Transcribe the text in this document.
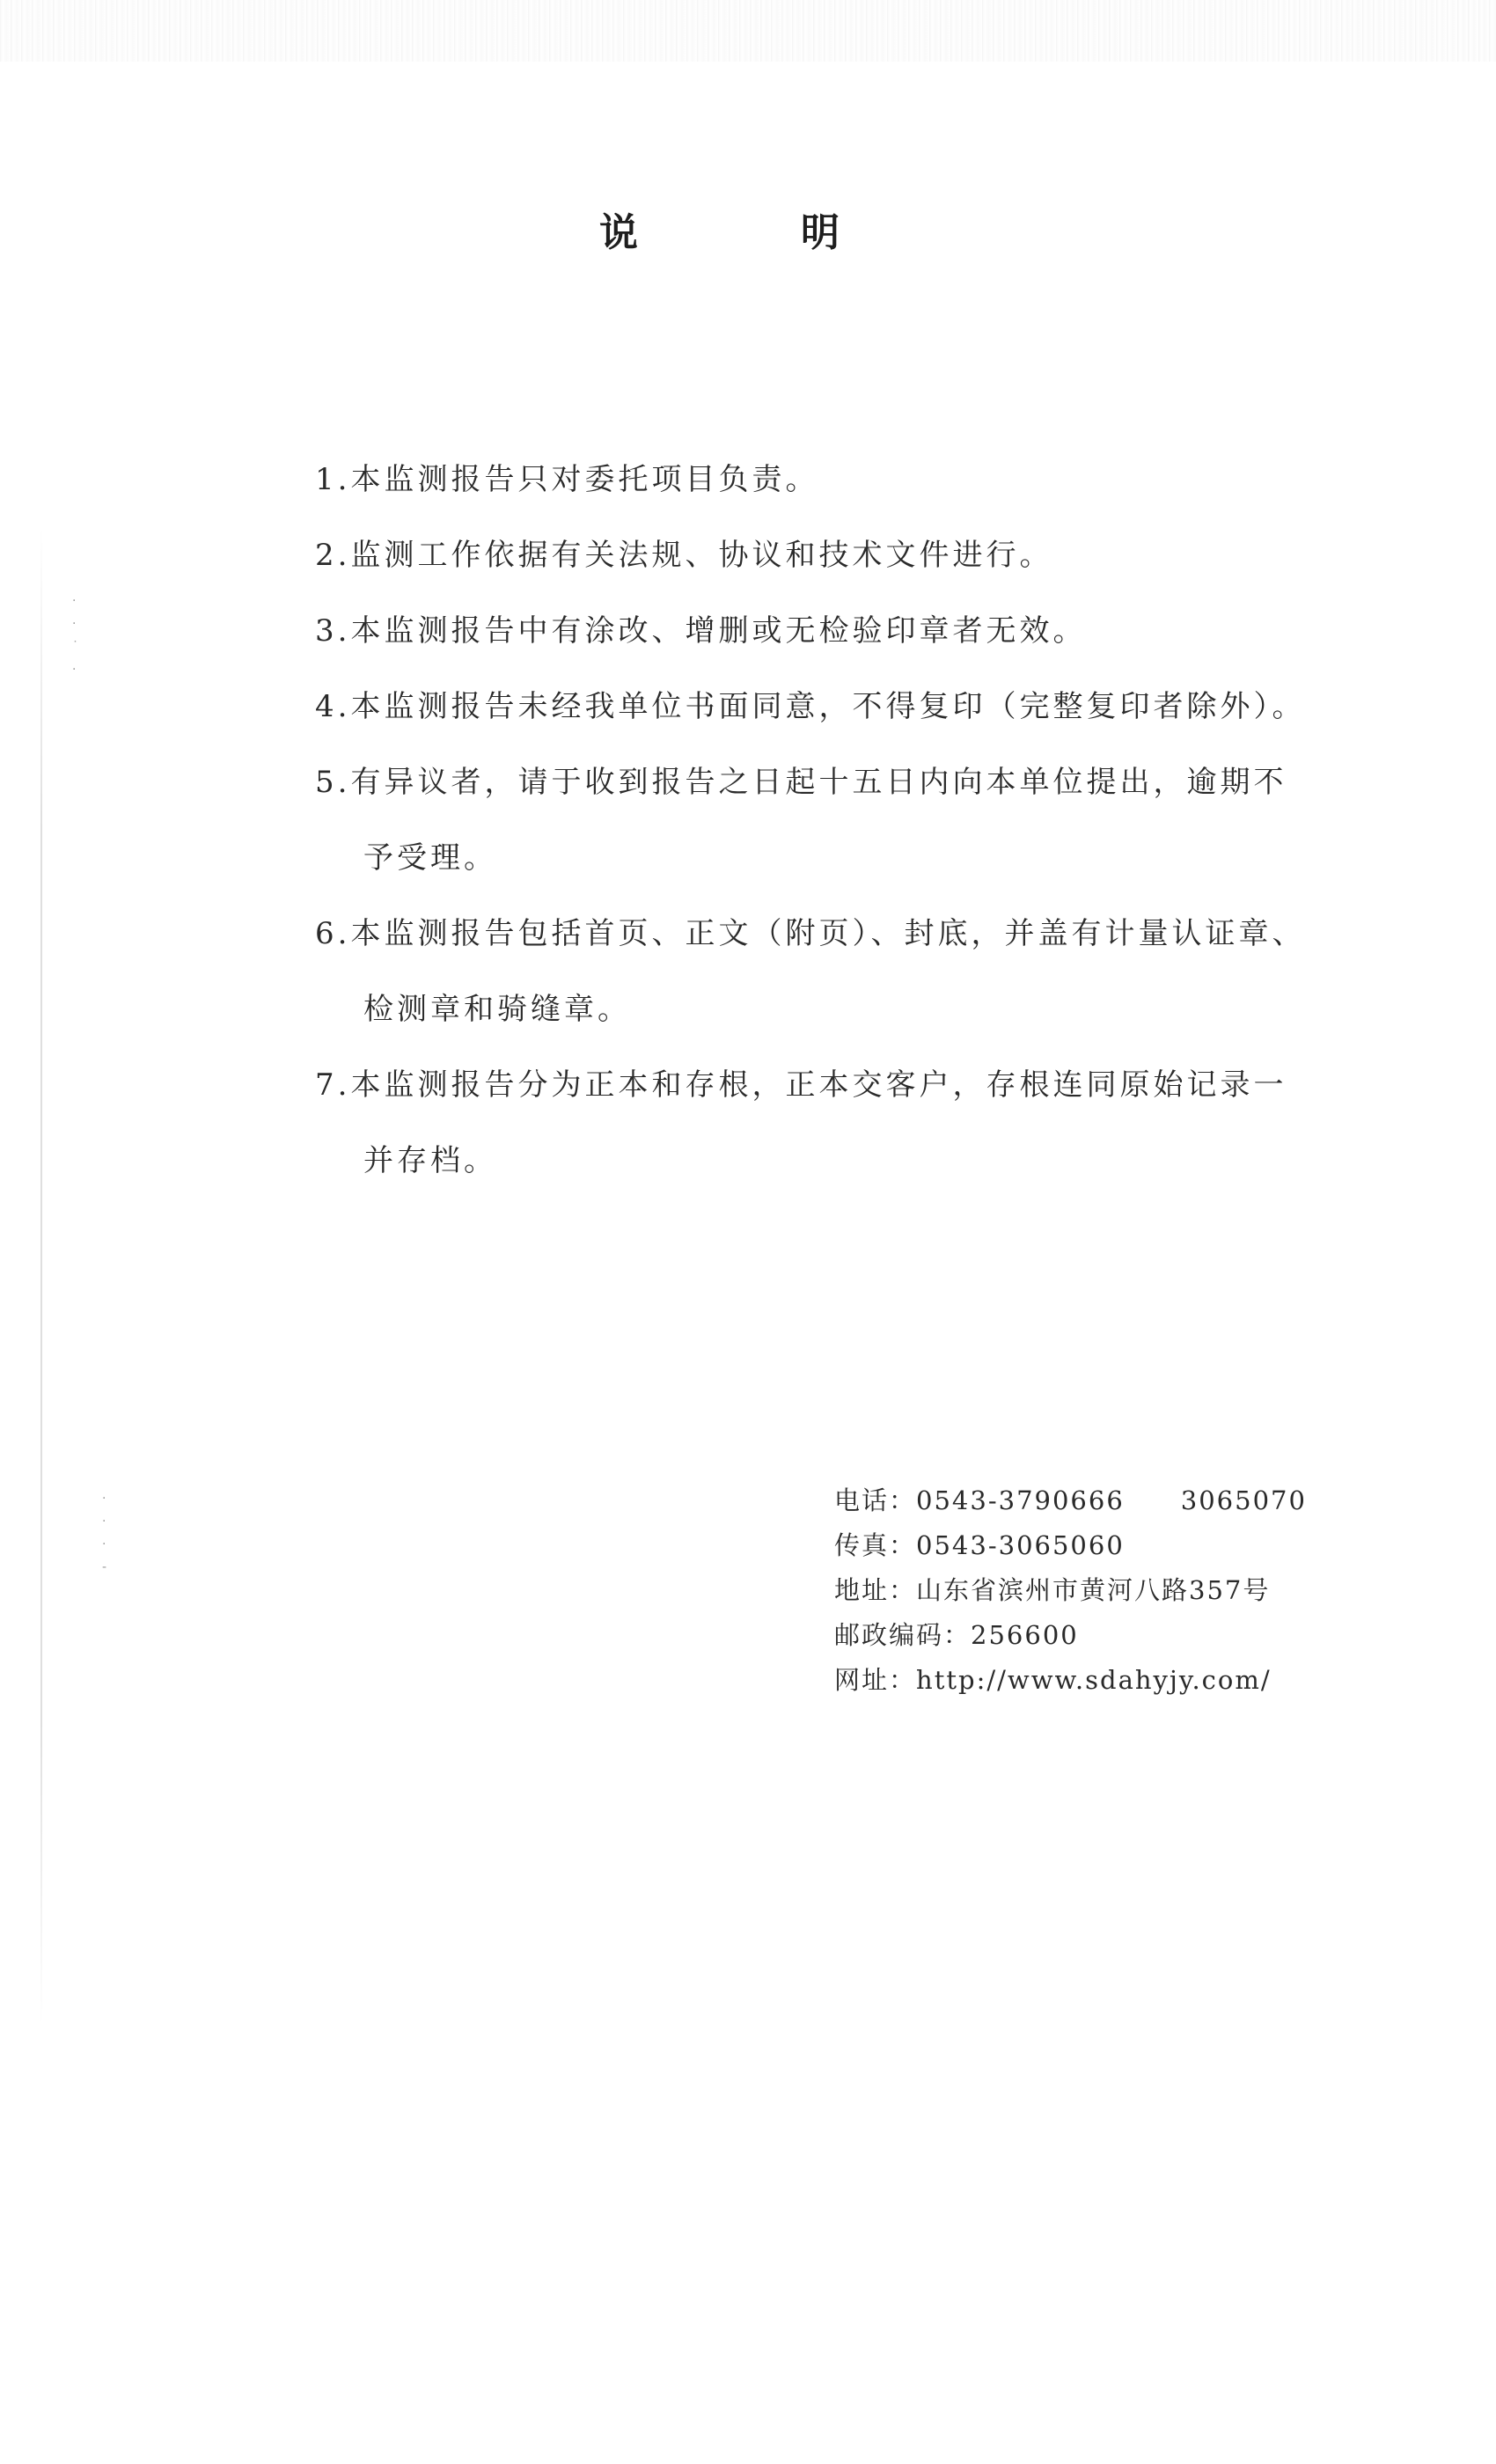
·
·
˙
·
·
·
·
-
说明
1.本监测报告只对委托项目负责。
2.监测工作依据有关法规、协议和技术文件进行。
3.本监测报告中有涂改、增删或无检验印章者无效。
4.本监测报告未经我单位书面同意，不得复印（完整复印者除外）。
5.有异议者，请于收到报告之日起十五日内向本单位提出，逾期不
予受理。
6.本监测报告包括首页、正文（附页）、封底，并盖有计量认证章、
检测章和骑缝章。
7.本监测报告分为正本和存根，正本交客户，存根连同原始记录一
并存档。
电话：0543-3790666 3065070
传真：0543-3065060
地址：山东省滨州市黄河八路357号
邮政编码：256600
网址：http://www.sdahyjy.com/
